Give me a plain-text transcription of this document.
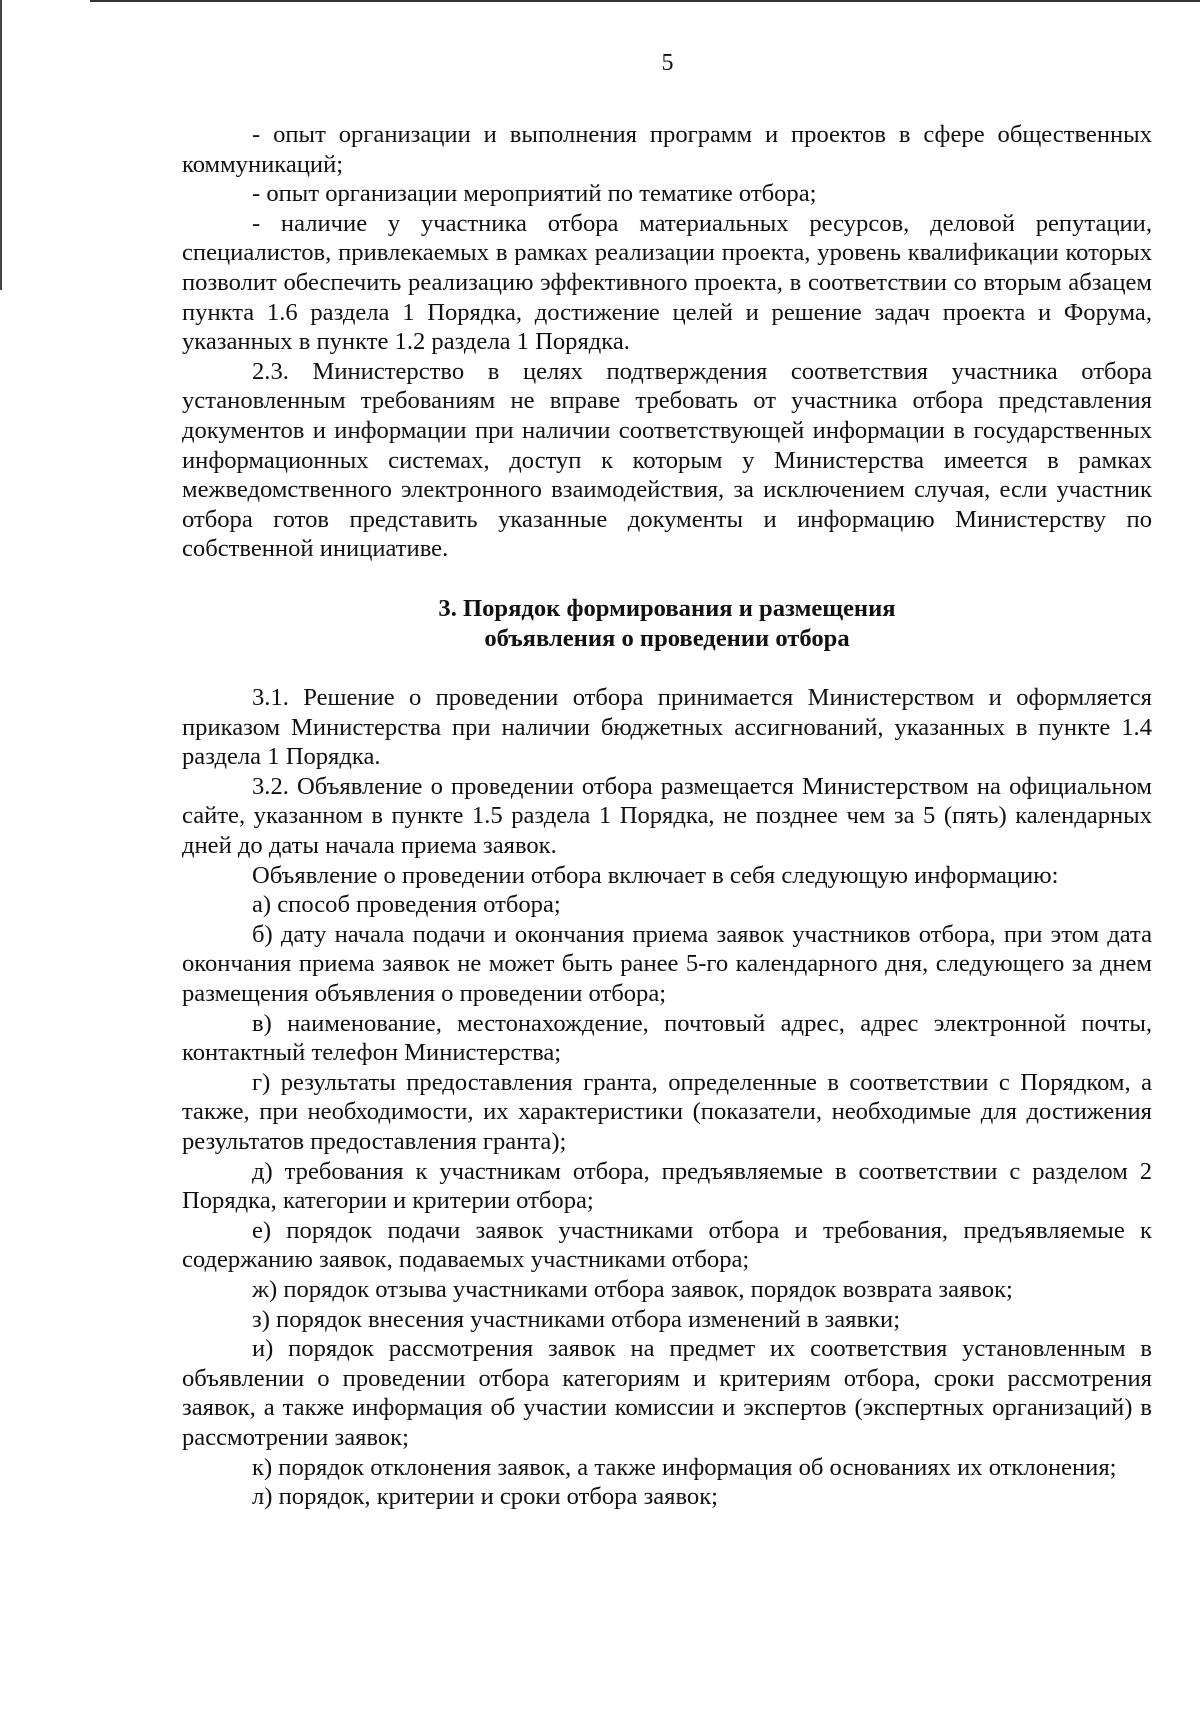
5

- опыт организации и выполнения программ и проектов в сфере общественных коммуникаций;

- опыт организации мероприятий по тематике отбора;

- наличие у участника отбора материальных ресурсов, деловой репутации, специалистов, привлекаемых в рамках реализации проекта, уровень квалификации которых позволит обеспечить реализацию эффективного проекта, в соответствии со вторым абзацем пункта 1.6 раздела 1 Порядка, достижение целей и решение задач проекта и Форума, указанных в пункте 1.2 раздела 1 Порядка.

2.3. Министерство в целях подтверждения соответствия участника отбора установленным требованиям не вправе требовать от участника отбора представления документов и информации при наличии соответствующей информации в государственных информационных системах, доступ к которым у Министерства имеется в рамках межведомственного электронного взаимодействия, за исключением случая, если участник отбора готов представить указанные документы и информацию Министерству по собственной инициативе.

3. Порядок формирования и размещения
объявления о проведении отбора

3.1. Решение о проведении отбора принимается Министерством и оформляется приказом Министерства при наличии бюджетных ассигнований, указанных в пункте 1.4 раздела 1 Порядка.

3.2. Объявление о проведении отбора размещается Министерством на официальном сайте, указанном в пункте 1.5 раздела 1 Порядка, не позднее чем за 5 (пять) календарных дней до даты начала приема заявок.

Объявление о проведении отбора включает в себя следующую информацию:

а) способ проведения отбора;

б) дату начала подачи и окончания приема заявок участников отбора, при этом дата окончания приема заявок не может быть ранее 5-го календарного дня, следующего за днем размещения объявления о проведении отбора;

в) наименование, местонахождение, почтовый адрес, адрес электронной почты, контактный телефон Министерства;

г) результаты предоставления гранта, определенные в соответствии с Порядком, а также, при необходимости, их характеристики (показатели, необходимые для достижения результатов предоставления гранта);

д) требования к участникам отбора, предъявляемые в соответствии с разделом 2 Порядка, категории и критерии отбора;

е) порядок подачи заявок участниками отбора и требования, предъявляемые к содержанию заявок, подаваемых участниками отбора;

ж) порядок отзыва участниками отбора заявок, порядок возврата заявок;

з) порядок внесения участниками отбора изменений в заявки;

и) порядок рассмотрения заявок на предмет их соответствия установленным в объявлении о проведении отбора категориям и критериям отбора, сроки рассмотрения заявок, а также информация об участии комиссии и экспертов (экспертных организаций) в рассмотрении заявок;

к) порядок отклонения заявок, а также информация об основаниях их отклонения;

л) порядок, критерии и сроки отбора заявок;
